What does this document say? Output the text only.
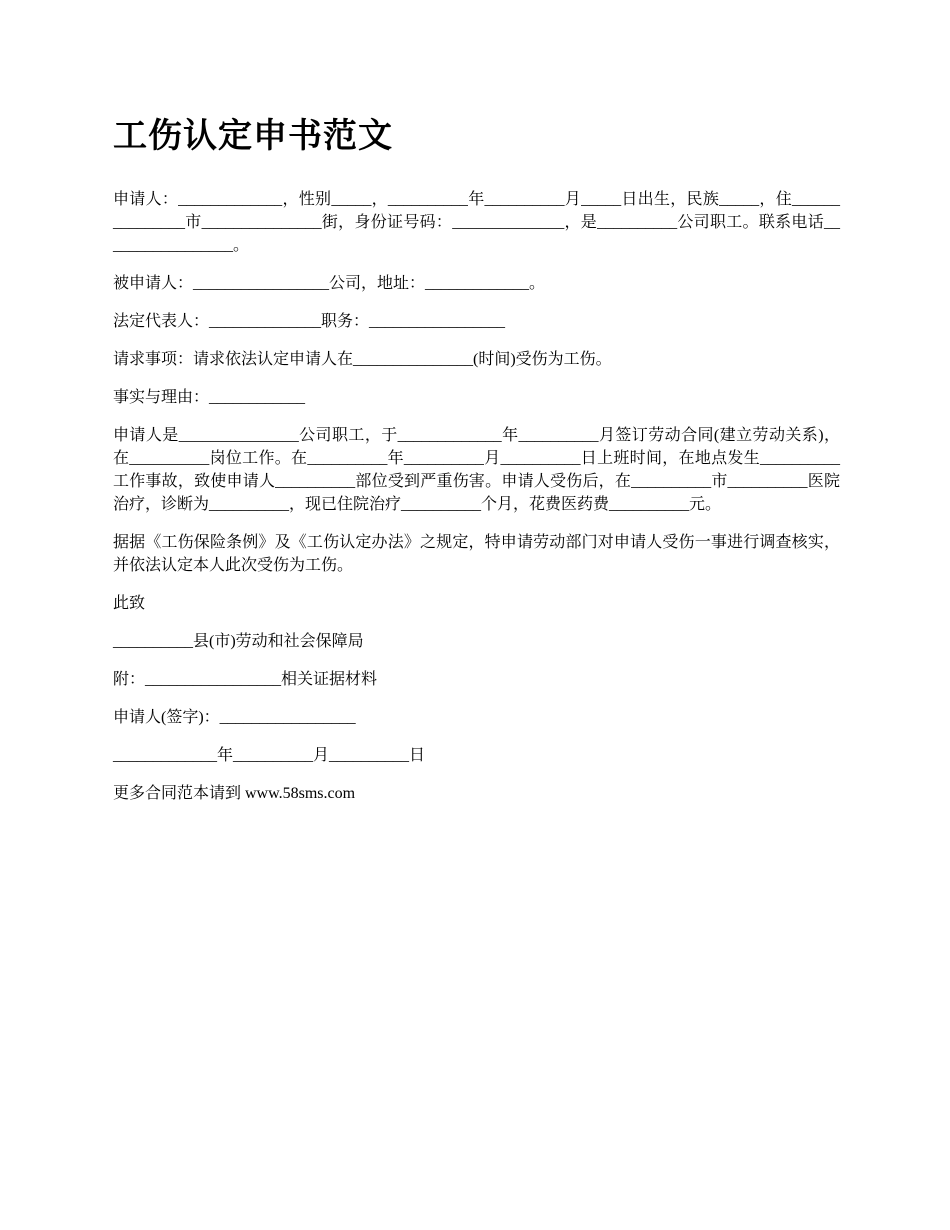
工伤认定申书范文

申请人：_____________，性别_____，__________年__________月_____日出生，民族_____，住_______________市_______________街，身份证号码：______________，是__________公司职工。联系电话_________________。

被申请人：_________________公司，地址：_____________。

法定代表人：______________职务：_________________

请求事项：请求依法认定申请人在_______________(时间)受伤为工伤。

事实与理由：____________

申请人是_______________公司职工，于_____________年__________月签订劳动合同(建立劳动关系)，在__________岗位工作。在__________年__________月__________日上班时间，在地点发生__________工作事故，致使申请人__________部位受到严重伤害。申请人受伤后，在__________市__________医院治疗，诊断为__________，现已住院治疗__________个月，花费医药费__________元。

据据《工伤保险条例》及《工伤认定办法》之规定，特申请劳动部门对申请人受伤一事进行调查核实，并依法认定本人此次受伤为工伤。

此致

__________县(市)劳动和社会保障局

附：_________________相关证据材料

申请人(签字)：_________________

_____________年__________月__________日

更多合同范本请到 www.58sms.com
